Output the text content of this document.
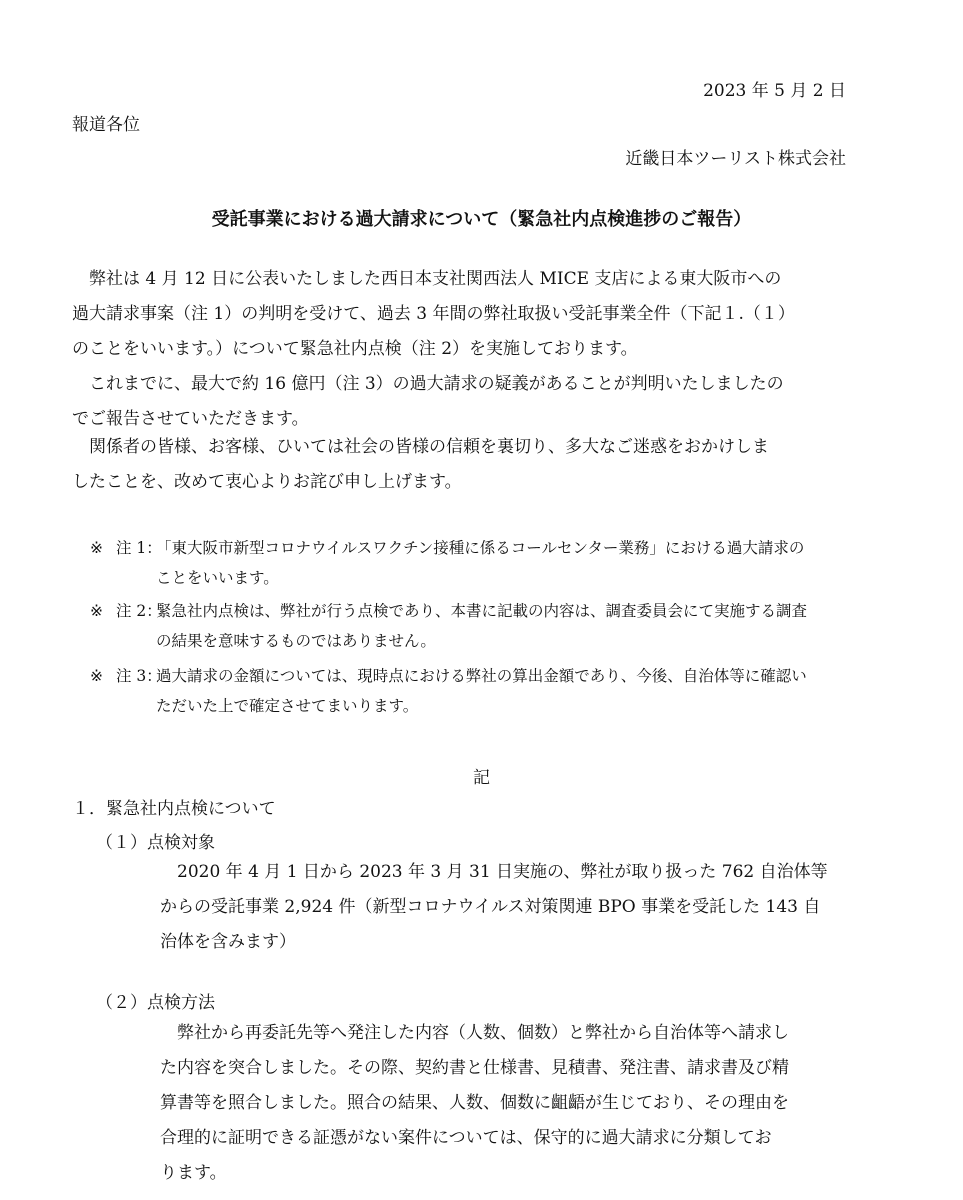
2023 年 5 月 2 日
報道各位
近畿日本ツーリスト株式会社
受託事業における過大請求について（緊急社内点検進捗のご報告）
　弊社は 4 月 12 日に公表いたしました西日本支社関西法人 MICE 支店による東大阪市への
過大請求事案（注 1）の判明を受けて、過去 3 年間の弊社取扱い受託事業全件（下記１.（１）
のことをいいます。）について緊急社内点検（注 2）を実施しております。
　これまでに、最大で約 16 億円（注 3）の過大請求の疑義があることが判明いたしましたの
でご報告させていただきます。
　関係者の皆様、お客様、ひいては社会の皆様の信頼を裏切り、多大なご迷惑をおかけしま
したことを、改めて衷心よりお詫び申し上げます。
※ 注 1：
「東大阪市新型コロナウイルスワクチン接種に係るコールセンター業務」における過大請求の
ことをいいます。
※ 注 2：
緊急社内点検は、弊社が行う点検であり、本書に記載の内容は、調査委員会にて実施する調査
の結果を意味するものではありません。
※ 注 3：
過大請求の金額については、現時点における弊社の算出金額であり、今後、自治体等に確認い
ただいた上で確定させてまいります。
記
１．緊急社内点検について
（１）点検対象
　2020 年 4 月 1 日から 2023 年 3 月 31 日実施の、弊社が取り扱った 762 自治体等
からの受託事業 2,924 件（新型コロナウイルス対策関連 BPO 事業を受託した 143 自
治体を含みます）
（２）点検方法
　弊社から再委託先等へ発注した内容（人数、個数）と弊社から自治体等へ請求し
た内容を突合しました。その際、契約書と仕様書、見積書、発注書、請求書及び精
算書等を照合しました。照合の結果、人数、個数に齟齬が生じており、その理由を
合理的に証明できる証憑がない案件については、保守的に過大請求に分類してお
ります。
